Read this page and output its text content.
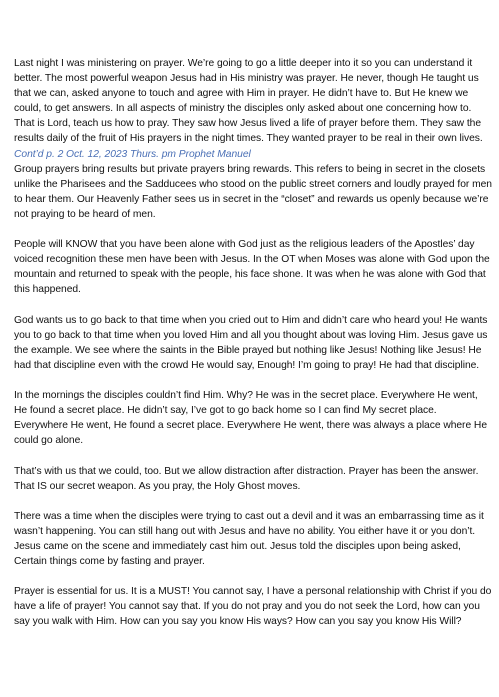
Last night I was ministering on prayer. We’re going to go a little deeper into it so you can understand it better. The most powerful weapon Jesus had in His ministry was prayer. He never, though He taught us that we can, asked anyone to touch and agree with Him in prayer. He didn’t have to. But He knew we could, to get answers. In all aspects of ministry the disciples only asked about one concerning how to. That is Lord, teach us how to pray. They saw how Jesus lived a life of prayer before them. They saw the results daily of the fruit of His prayers in the night times. They wanted prayer to be real in their own lives.

Cont’d p. 2 Oct. 12, 2023 Thurs. pm Prophet Manuel

Group prayers bring results but private prayers bring rewards. This refers to being in secret in the closets unlike the Pharisees and the Sadducees who stood on the public street corners and loudly prayed for men to hear them. Our Heavenly Father sees us in secret in the “closet” and rewards us openly because we’re not praying to be heard of men.

People will KNOW that you have been alone with God just as the religious leaders of the Apostles’ day voiced recognition these men have been with Jesus. In the OT when Moses was alone with God upon the mountain and returned to speak with the people, his face shone. It was when he was alone with God that this happened.

God wants us to go back to that time when you cried out to Him and didn’t care who heard you! He wants you to go back to that time when you loved Him and all you thought about was loving Him. Jesus gave us the example. We see where the saints in the Bible prayed but nothing like Jesus! Nothing like Jesus! He had that discipline even with the crowd He would say, Enough! I’m going to pray! He had that discipline.

In the mornings the disciples couldn’t find Him. Why? He was in the secret place. Everywhere He went, He found a secret place. He didn’t say, I’ve got to go back home so I can find My secret place. Everywhere He went, He found a secret place. Everywhere He went, there was always a place where He could go alone.

That’s with us that we could, too. But we allow distraction after distraction. Prayer has been the answer. That IS our secret weapon. As you pray, the Holy Ghost moves.

There was a time when the disciples were trying to cast out a devil and it was an embarrassing time as it wasn’t happening. You can still hang out with Jesus and have no ability. You either have it or you don’t. Jesus came on the scene and immediately cast him out. Jesus told the disciples upon being asked, Certain things come by fasting and prayer.

Prayer is essential for us. It is a MUST! You cannot say, I have a personal relationship with Christ if you do have a life of prayer! You cannot say that. If you do not pray and you do not seek the Lord, how can you say you walk with Him. How can you say you know His ways? How can you say you know His Will?
